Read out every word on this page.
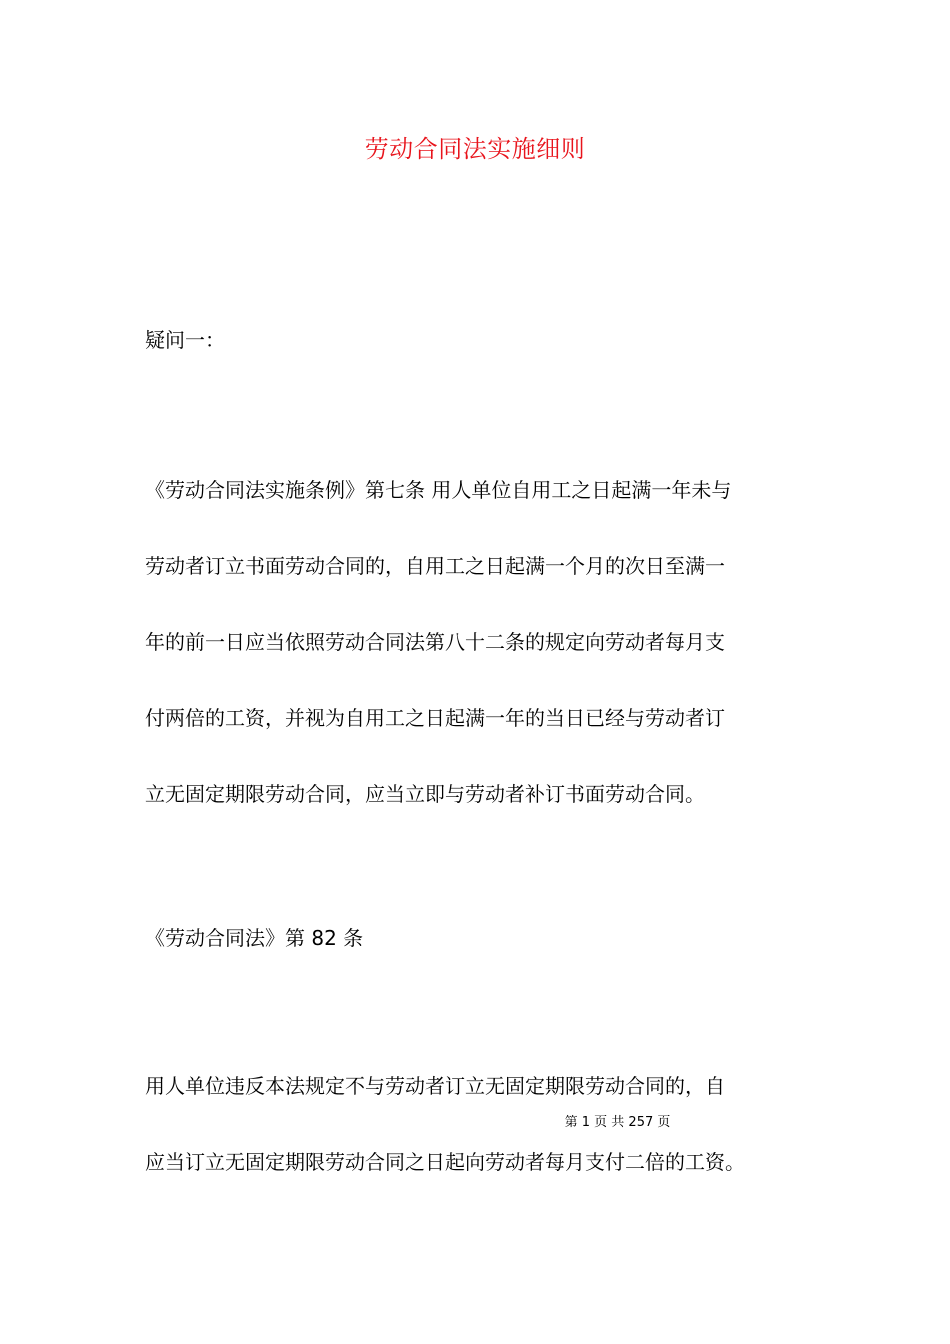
劳动合同法实施细则

疑问一：

《劳动合同法实施条例》第七条 用人单位自用工之日起满一年未与
劳动者订立书面劳动合同的，自用工之日起满一个月的次日至满一
年的前一日应当依照劳动合同法第八十二条的规定向劳动者每月支
付两倍的工资，并视为自用工之日起满一年的当日已经与劳动者订
立无固定期限劳动合同，应当立即与劳动者补订书面劳动合同。

《劳动合同法》第 82 条

用人单位违反本法规定不与劳动者订立无固定期限劳动合同的，自
应当订立无固定期限劳动合同之日起向劳动者每月支付二倍的工资。
第 1 页 共 257 页
